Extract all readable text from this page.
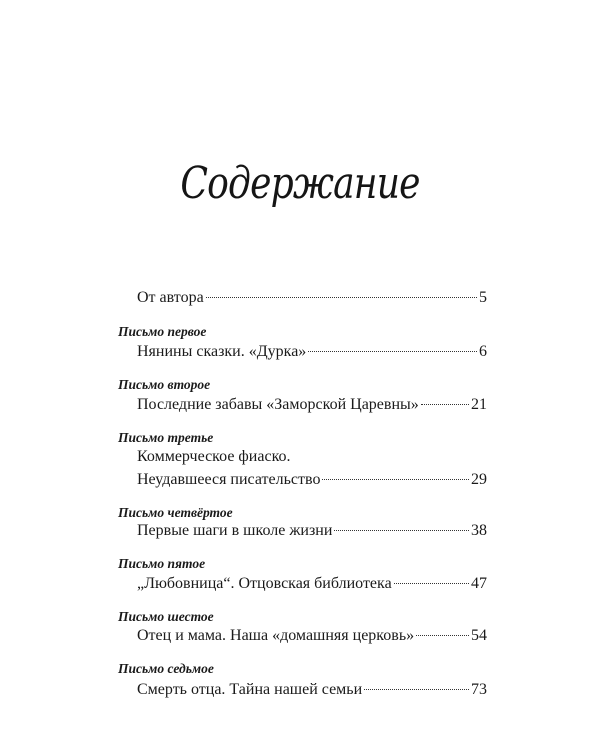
Содержание
От автора	5
Письмо первое
Нянины сказки. «Дурка»	6
Письмо второе
Последние забавы «Заморской Царевны»	21
Письмо третье
Коммерческое фиаско.
Неудавшееся писательство	29
Письмо четвёртое
Первые шаги в школе жизни	38
Письмо пятое
„Любовница“. Отцовская библиотека	47
Письмо шестое
Отец и мама. Наша «домашняя церковь»	54
Письмо седьмое
Смерть отца. Тайна нашей семьи	73
